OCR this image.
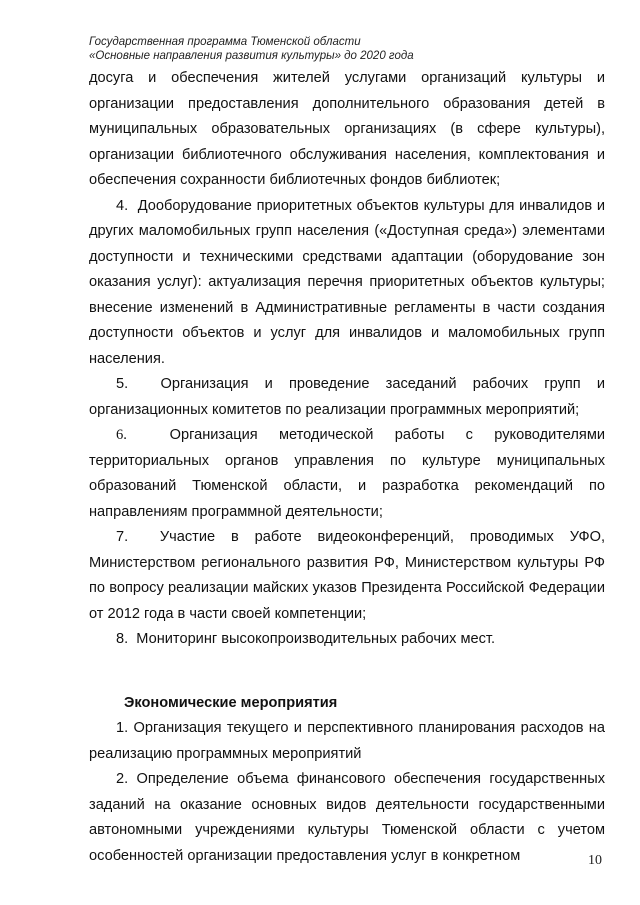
Государственная программа Тюменской области
«Основные направления развития культуры» до 2020 года

досуга и обеспечения жителей услугами организаций культуры и организации предоставления дополнительного образования детей в муниципальных образовательных организациях (в сфере культуры), организации библиотечного обслуживания населения, комплектования и обеспечения сохранности библиотечных фондов библиотек;

4. Дооборудование приоритетных объектов культуры для инвалидов и других маломобильных групп населения («Доступная среда») элементами доступности и техническими средствами адаптации (оборудование зон оказания услуг): актуализация перечня приоритетных объектов культуры; внесение изменений в Административные регламенты в части создания доступности объектов и услуг для инвалидов и маломобильных групп населения.

5. Организация и проведение заседаний рабочих групп и организационных комитетов по реализации программных мероприятий;

6.	Организация методической работы с руководителями территориальных органов управления по культуре муниципальных образований Тюменской области, и разработка рекомендаций по направлениям программной деятельности;

7. Участие в работе видеоконференций, проводимых УФО, Министерством регионального развития РФ, Министерством культуры РФ по вопросу реализации майских указов Президента Российской Федерации от 2012 года в части своей компетенции;

8. Мониторинг высокопроизводительных рабочих мест.

Экономические мероприятия

1. Организация текущего и перспективного планирования расходов на реализацию программных мероприятий

2. Определение объема финансового обеспечения государственных заданий на оказание основных видов деятельности государственными автономными учреждениями культуры Тюменской области с учетом особенностей организации предоставления услуг в конкретном	10
